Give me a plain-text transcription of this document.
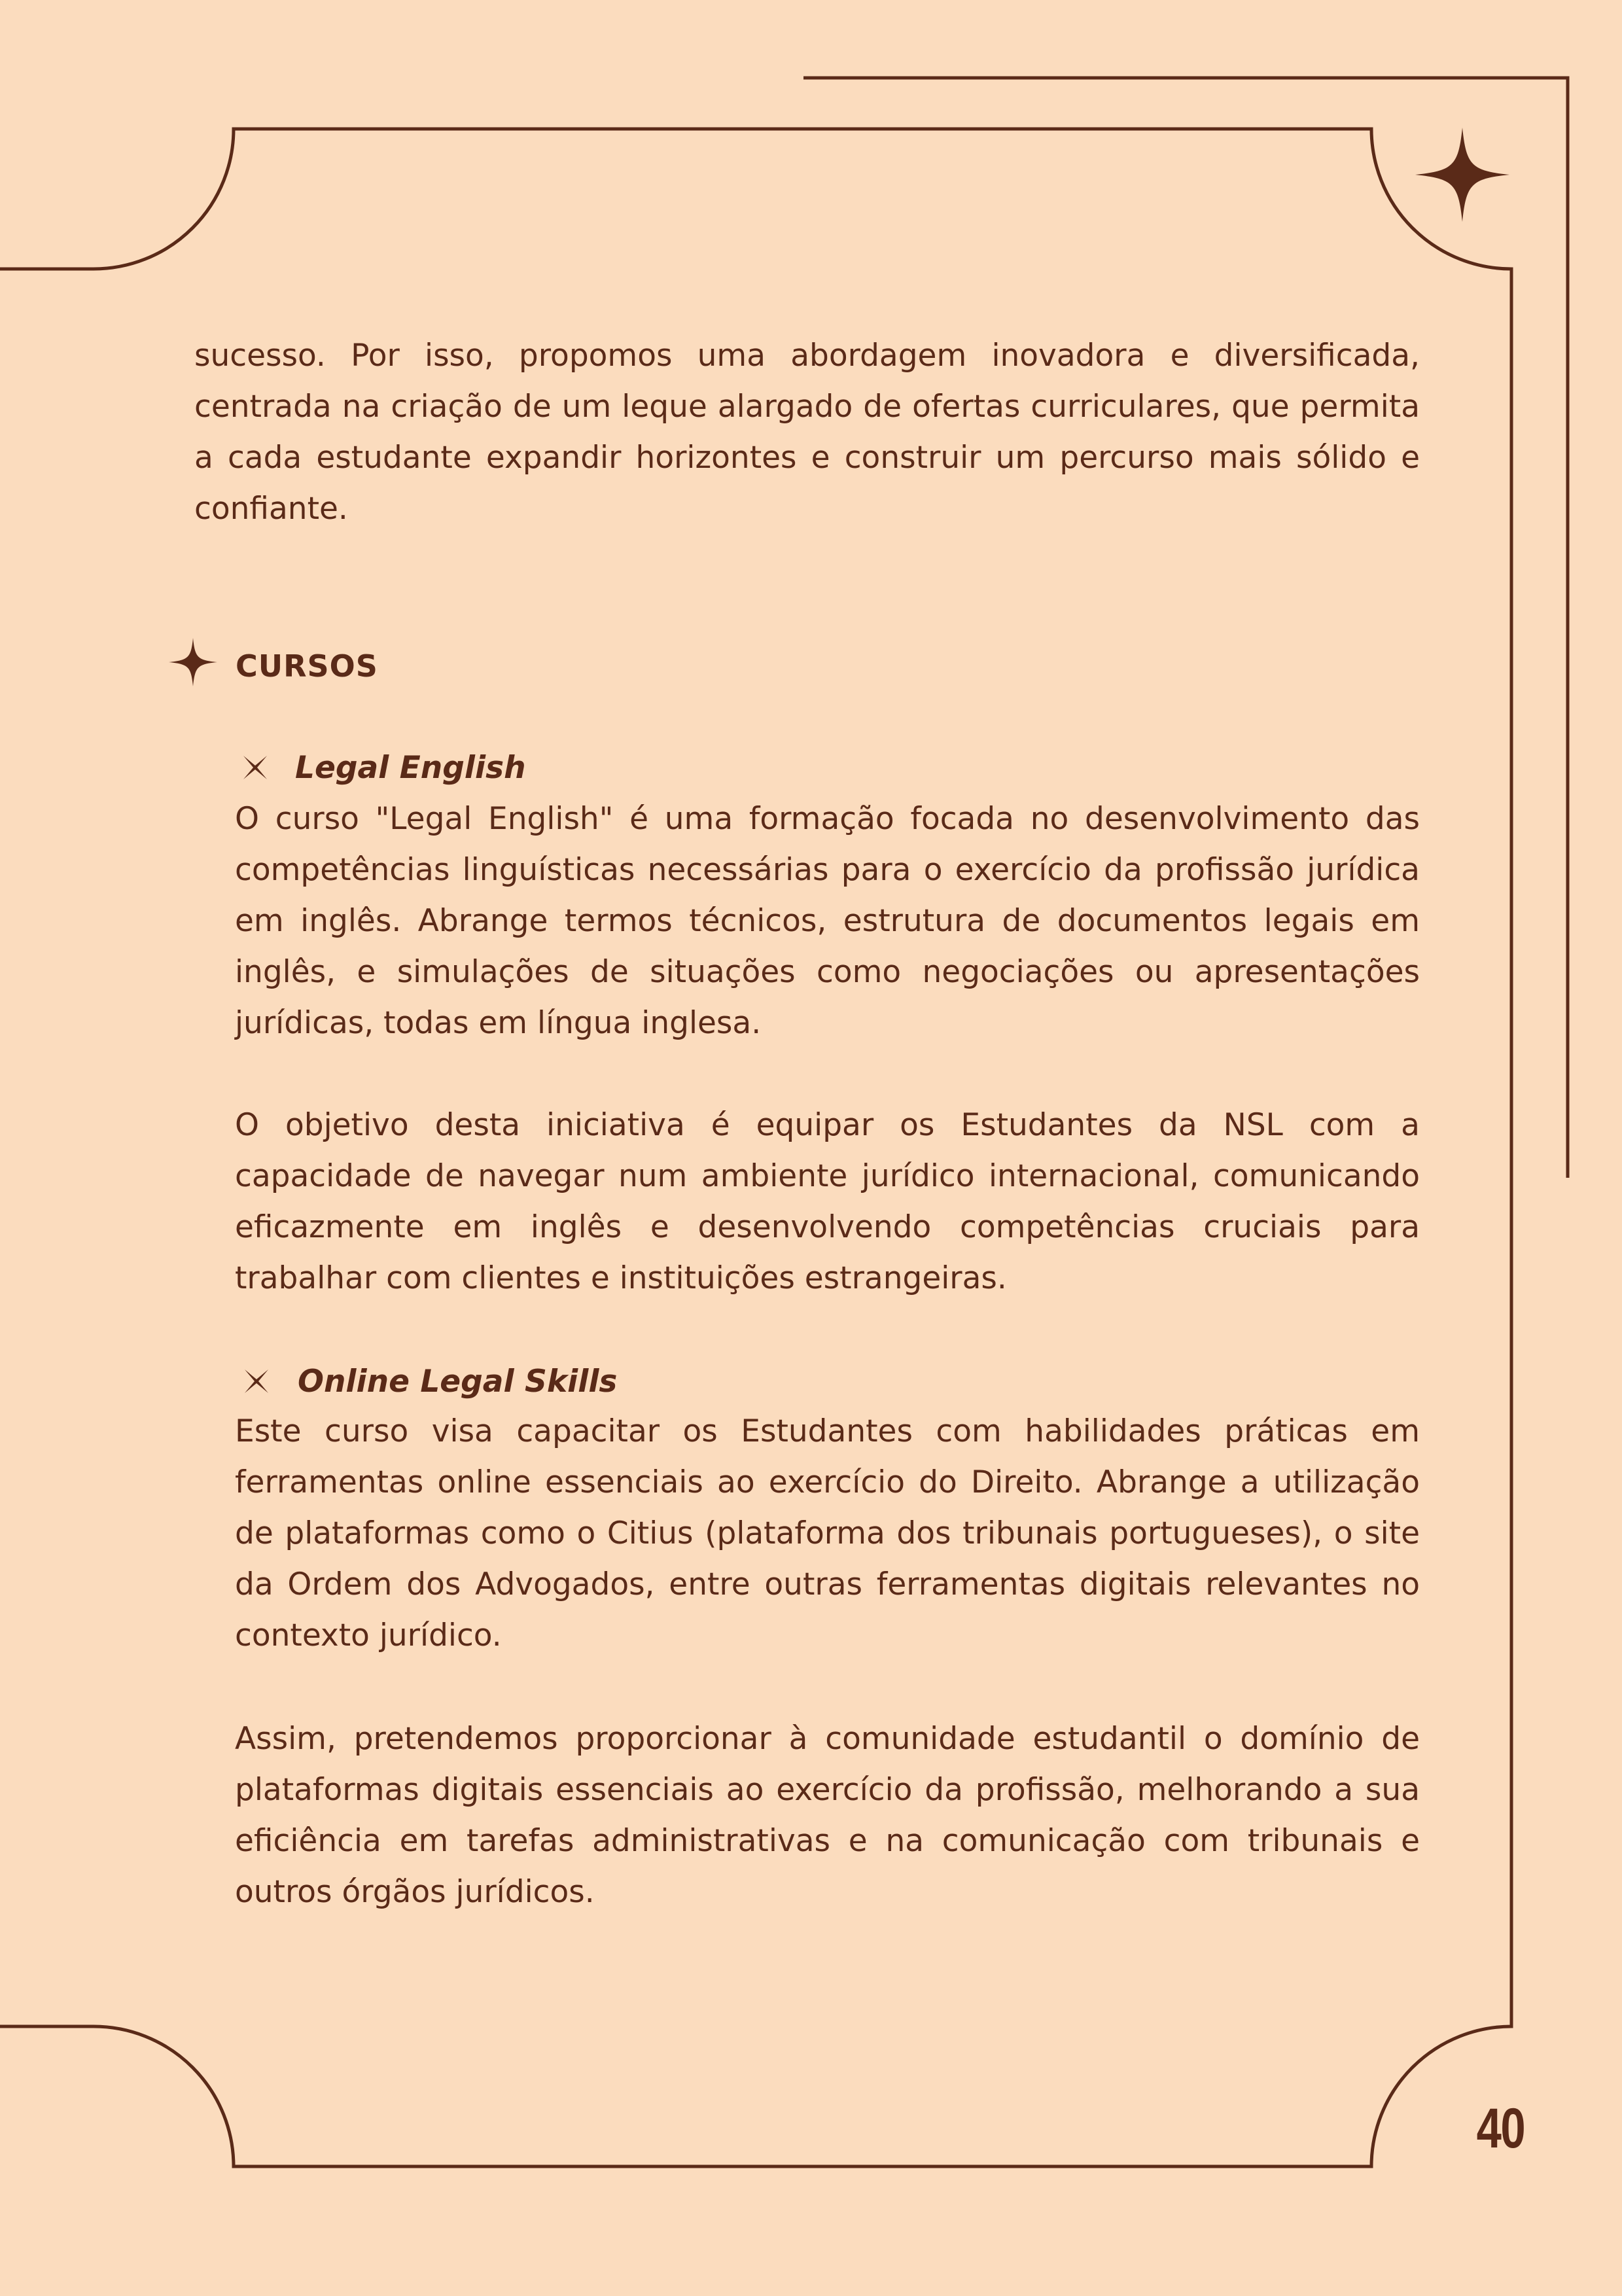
sucesso. Por isso, propomos uma abordagem inovadora e diversificada, centrada na criação de um leque alargado de ofertas curriculares, que permita a cada estudante expandir horizontes e construir um percurso mais sólido e confiante.

CURSOS
Legal English

O curso "Legal English" é uma formação focada no desenvolvimento das competências linguísticas necessárias para o exercício da profissão jurídica em inglês. Abrange termos técnicos, estrutura de documentos legais em inglês, e simulações de situações como negociações ou apresentações jurídicas, todas em língua inglesa.

O objetivo desta iniciativa é equipar os Estudantes da NSL com a capacidade de navegar num ambiente jurídico internacional, comunicando eficazmente em inglês e desenvolvendo competências cruciais para trabalhar com clientes e instituições estrangeiras.

Online Legal Skills

Este curso visa capacitar os Estudantes com habilidades práticas em ferramentas online essenciais ao exercício do Direito. Abrange a utilização de plataformas como o Citius (plataforma dos tribunais portugueses), o site da Ordem dos Advogados, entre outras ferramentas digitais relevantes no contexto jurídico.

Assim, pretendemos proporcionar à comunidade estudantil o domínio de plataformas digitais essenciais ao exercício da profissão, melhorando a sua eficiência em tarefas administrativas e na comunicação com tribunais e outros órgãos jurídicos.

40
